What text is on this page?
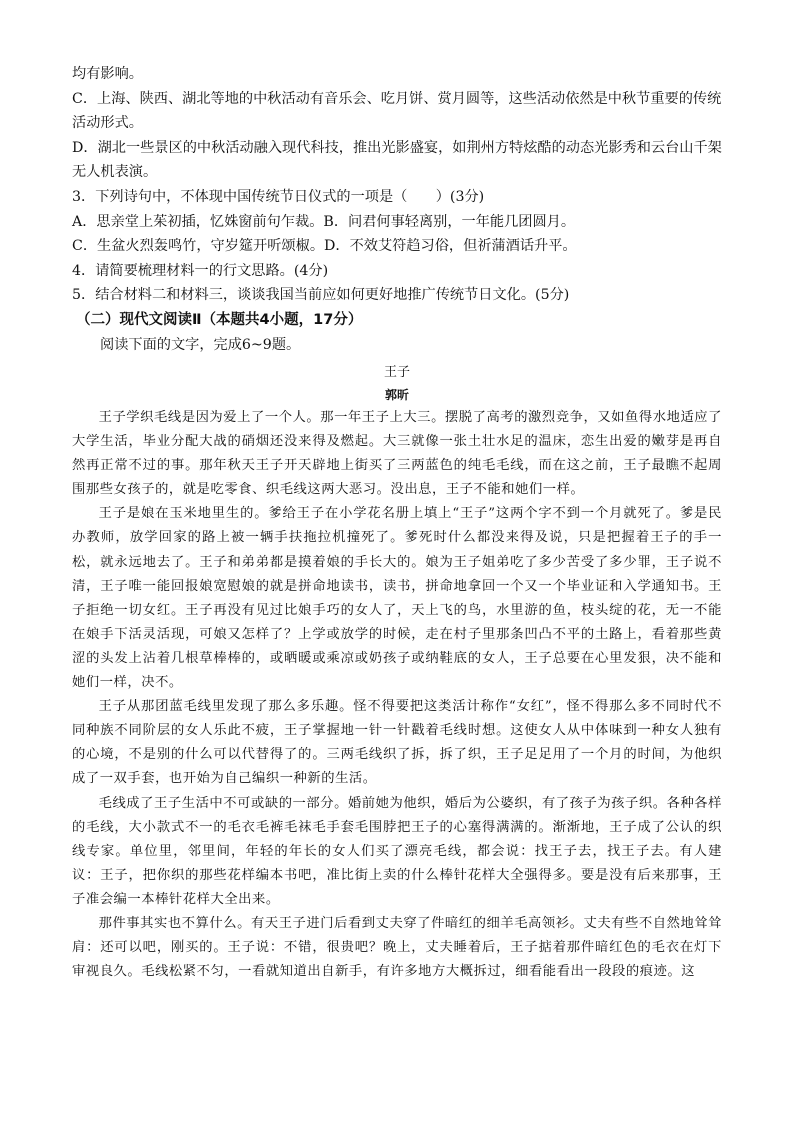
均有影响。

C．上海、陕西、湖北等地的中秋活动有音乐会、吃月饼、赏月圆等，这些活动依然是中秋节重要的传统

活动形式。

D．湖北一些景区的中秋活动融入现代科技，推出光影盛宴，如荆州方特炫酷的动态光影秀和云台山千架

无人机表演。

3．下列诗句中，不体现中国传统节日仪式的一项是（　　）(3分)

A．思亲堂上茱初插，忆姝窗前句乍裁。B．问君何事轻离别，一年能几团圆月。

C．生盆火烈轰鸣竹，守岁筵开听颂椒。D．不效艾符趋习俗，但祈蒲酒话升平。

4．请简要梳理材料一的行文思路。(4分)

5．结合材料二和材料三，谈谈我国当前应如何更好地推广传统节日文化。(5分)

（二）现代文阅读Ⅱ（本题共4小题，17分）

阅读下面的文字，完成6~9题。

王子

郭昕

王子学织毛线是因为爱上了一个人。那一年王子上大三。摆脱了高考的激烈竞争，又如鱼得水地适应了大学生活，毕业分配大战的硝烟还没来得及燃起。大三就像一张土壮水足的温床，恋生出爱的嫩芽是再自然再正常不过的事。那年秋天王子开天辟地上街买了三两蓝色的纯毛毛线，而在这之前，王子最瞧不起周围那些女孩子的，就是吃零食、织毛线这两大恶习。没出息，王子不能和她们一样。

王子是娘在玉米地里生的。爹给王子在小学花名册上填上“王子”这两个字不到一个月就死了。爹是民办教师，放学回家的路上被一辆手扶拖拉机撞死了。爹死时什么都没来得及说，只是把握着王子的手一松，就永远地去了。王子和弟弟都是摸着娘的手长大的。娘为王子姐弟吃了多少苦受了多少罪，王子说不清，王子唯一能回报娘宽慰娘的就是拼命地读书，读书，拼命地拿回一个又一个毕业证和入学通知书。王子拒绝一切女红。王子再没有见过比娘手巧的女人了，天上飞的鸟，水里游的鱼，枝头绽的花，无一不能在娘手下活灵活现，可娘又怎样了？上学或放学的时候，走在村子里那条凹凸不平的土路上，看着那些黄涩的头发上沾着几根草棒棒的，或晒暖或乘凉或奶孩子或纳鞋底的女人，王子总要在心里发狠，决不能和她们一样，决不。

王子从那团蓝毛线里发现了那么多乐趣。怪不得要把这类活计称作“女红”，怪不得那么多不同时代不同种族不同阶层的女人乐此不疲，王子掌握地一针一针戳着毛线时想。这使女人从中体味到一种女人独有的心境，不是别的什么可以代替得了的。三两毛线织了拆，拆了织，王子足足用了一个月的时间，为他织成了一双手套，也开始为自己编织一种新的生活。

毛线成了王子生活中不可或缺的一部分。婚前她为他织，婚后为公婆织，有了孩子为孩子织。各种各样的毛线，大小款式不一的毛衣毛裤毛袜毛手套毛围脖把王子的心塞得满满的。渐渐地，王子成了公认的织线专家。单位里，邻里间，年轻的年长的女人们买了漂亮毛线，都会说：找王子去，找王子去。有人建议：王子，把你织的那些花样编本书吧，准比街上卖的什么棒针花样大全强得多。要是没有后来那事，王子准会编一本棒针花样大全出来。

那件事其实也不算什么。有天王子进门后看到丈夫穿了件暗红的细羊毛高领衫。丈夫有些不自然地耸耸肩：还可以吧，刚买的。王子说：不错，很贵吧？晚上，丈夫睡着后，王子掂着那件暗红色的毛衣在灯下审视良久。毛线松紧不匀，一看就知道出自新手，有许多地方大概拆过，细看能看出一段段的痕迹。这
